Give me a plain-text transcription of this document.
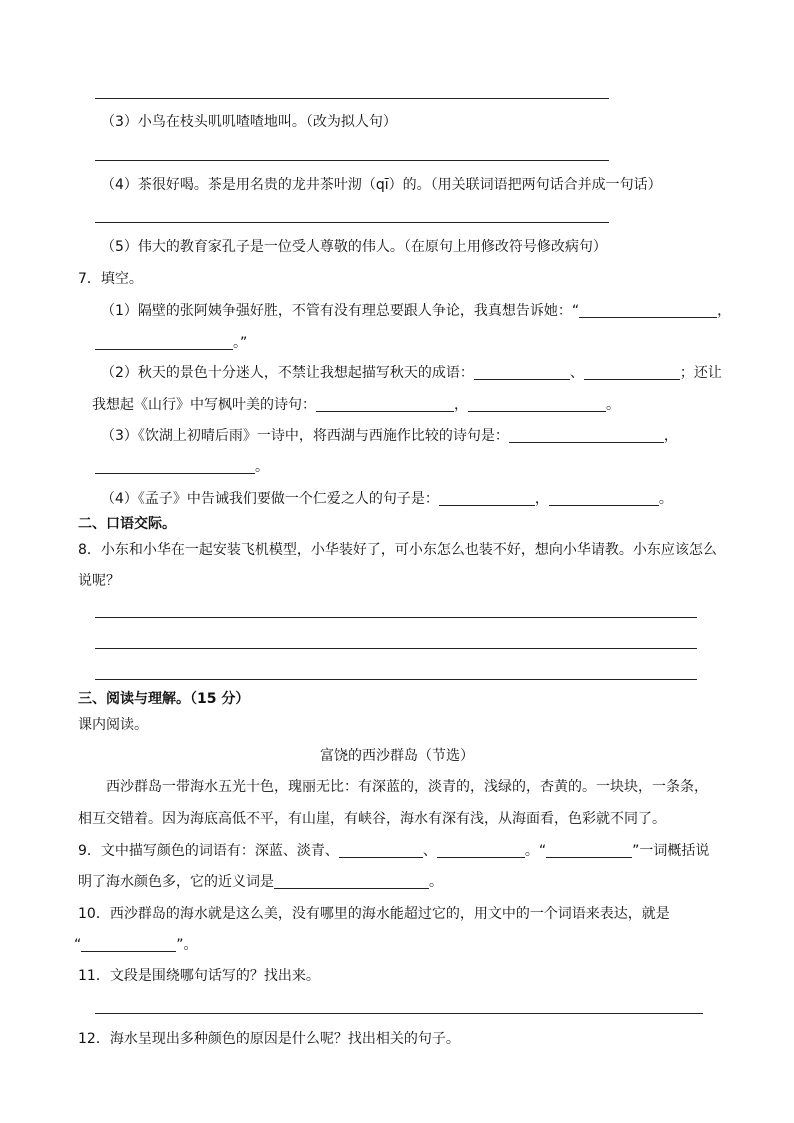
（3）小鸟在枝头叽叽喳喳地叫。（改为拟人句）
（4）茶很好喝。茶是用名贵的龙井茶叶沏（qī）的。（用关联词语把两句话合并成一句话）
（5）伟大的教育家孔子是一位受人尊敬的伟人。（在原句上用修改符号修改病句）
7．填空。
（1）隔壁的张阿姨争强好胜，不管有没有理总要跟人争论，我真想告诉她：“	，
。”
（2）秋天的景色十分迷人，不禁让我想起描写秋天的成语：	、	；还让
我想起《山行》中写枫叶美的诗句：	，	。
（3）《饮湖上初晴后雨》一诗中，将西湖与西施作比较的诗句是：	，
。
（4）《孟子》中告诫我们要做一个仁爱之人的句子是：	，	。
二、口语交际。
8．小东和小华在一起安装飞机模型，小华装好了，可小东怎么也装不好，想向小华请教。小东应该怎么
说呢？
三、阅读与理解。（15 分）
课内阅读。
富饶的西沙群岛（节选）
西沙群岛一带海水五光十色，瑰丽无比：有深蓝的，淡青的，浅绿的，杏黄的。一块块，一条条，
相互交错着。因为海底高低不平，有山崖，有峡谷，海水有深有浅，从海面看，色彩就不同了。
9．文中描写颜色的词语有：深蓝、淡青、	、	。“	”一词概括说
明了海水颜色多，它的近义词是	。
10．西沙群岛的海水就是这么美，没有哪里的海水能超过它的，用文中的一个词语来表达，就是
“	”。
11．文段是围绕哪句话写的？找出来。
12．海水呈现出多种颜色的原因是什么呢？找出相关的句子。
